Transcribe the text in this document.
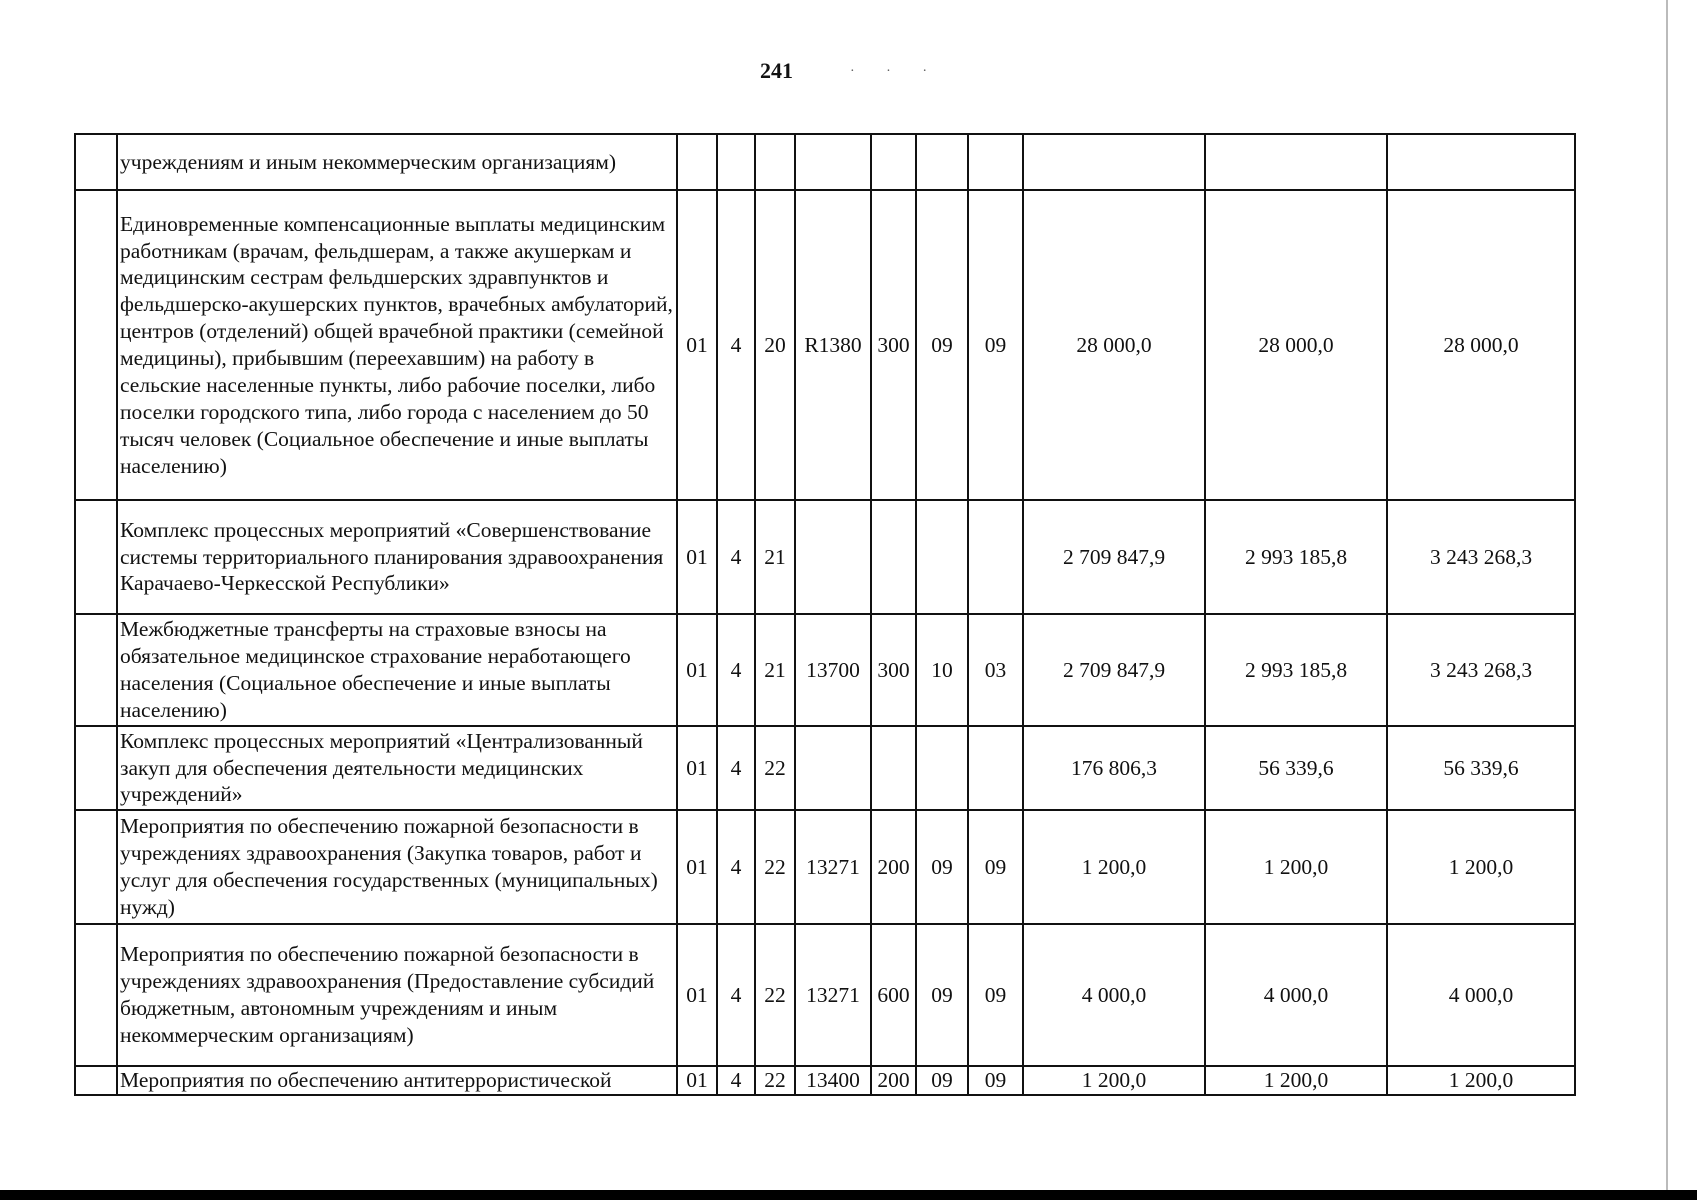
241	· · ·
	учреждениям и иным некоммерческим организациям)										
	Единовременные компенсационные выплаты медицинским работникам (врачам, фельдшерам, а также акушеркам и медицинским сестрам фельдшерских здравпунктов и фельдшерско-акушерских пунктов, врачебных амбулаторий, центров (отделений) общей врачебной практики (семейной медицины), прибывшим (переехавшим) на работу в сельские населенные пункты, либо рабочие поселки, либо поселки городского типа, либо города с населением до 50 тысяч человек (Социальное обеспечение и иные выплаты населению)	01	4	20	R1380	300	09	09	28 000,0	28 000,0	28 000,0
	Комплекс процессных мероприятий «Совершенствование системы территориального планирования здравоохранения Карачаево-Черкесской Республики»	01	4	21					2 709 847,9	2 993 185,8	3 243 268,3
	Межбюджетные трансферты на страховые взносы на обязательное медицинское страхование неработающего населения (Социальное обеспечение и иные выплаты населению)	01	4	21	13700	300	10	03	2 709 847,9	2 993 185,8	3 243 268,3
	Комплекс процессных мероприятий «Централизованный закуп для обеспечения деятельности медицинских учреждений»	01	4	22					176 806,3	56 339,6	56 339,6
	Мероприятия по обеспечению пожарной безопасности в учреждениях здравоохранения (Закупка товаров, работ и услуг для обеспечения государственных (муниципальных) нужд)	01	4	22	13271	200	09	09	1 200,0	1 200,0	1 200,0
	Мероприятия по обеспечению пожарной безопасности в учреждениях здравоохранения (Предоставление субсидий бюджетным, автономным учреждениям и иным некоммерческим организациям)	01	4	22	13271	600	09	09	4 000,0	4 000,0	4 000,0
	Мероприятия по обеспечению антитеррористической	01	4	22	13400	200	09	09	1 200,0	1 200,0	1 200,0
